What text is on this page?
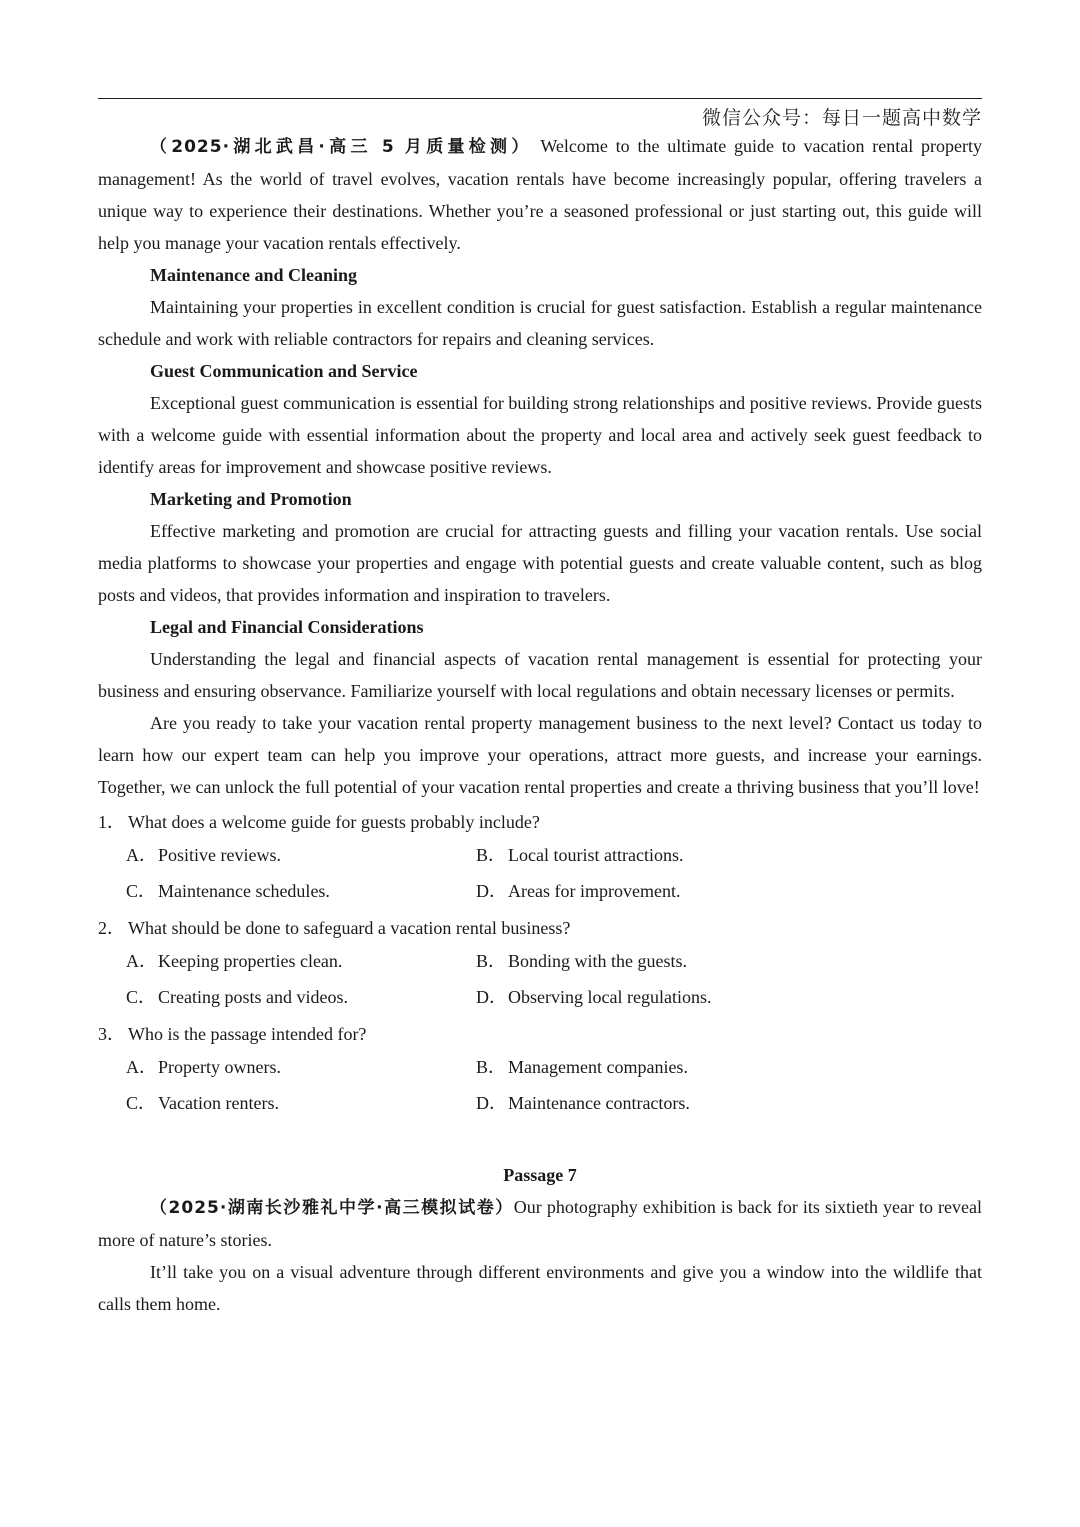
微信公众号：每日一题高中数学

（2025·湖北武昌·高三 5 月质量检测） Welcome to the ultimate guide to vacation rental property management! As the world of travel evolves, vacation rentals have become increasingly popular, offering travelers a unique way to experience their destinations. Whether you’re a seasoned professional or just starting out, this guide will help you manage your vacation rentals effectively.

Maintenance and Cleaning

Maintaining your properties in excellent condition is crucial for guest satisfaction. Establish a regular maintenance schedule and work with reliable contractors for repairs and cleaning services.

Guest Communication and Service

Exceptional guest communication is essential for building strong relationships and positive reviews. Provide guests with a welcome guide with essential information about the property and local area and actively seek guest feedback to identify areas for improvement and showcase positive reviews.

Marketing and Promotion

Effective marketing and promotion are crucial for attracting guests and filling your vacation rentals. Use social media platforms to showcase your properties and engage with potential guests and create valuable content, such as blog posts and videos, that provides information and inspiration to travelers.

Legal and Financial Considerations

Understanding the legal and financial aspects of vacation rental management is essential for protecting your business and ensuring observance. Familiarize yourself with local regulations and obtain necessary licenses or permits.

Are you ready to take your vacation rental property management business to the next level? Contact us today to learn how our expert team can help you improve your operations, attract more guests, and increase your earnings. Together, we can unlock the full potential of your vacation rental properties and create a thriving business that you’ll love!

1． What does a welcome guide for guests probably include?
A．Positive reviews.	B． Local tourist attractions.
C． Maintenance schedules.	D．Areas for improvement.
2． What should be done to safeguard a vacation rental business?
A．Keeping properties clean.	B． Bonding with the guests.
C． Creating posts and videos.	D．Observing local regulations.
3． Who is the passage intended for?
A．Property owners.	B． Management companies.
C． Vacation renters.	D．Maintenance contractors.

Passage 7

（2025·湖南长沙雅礼中学·高三模拟试卷）Our photography exhibition is back for its sixtieth year to reveal more of nature’s stories.

It’ll take you on a visual adventure through different environments and give you a window into the wildlife that calls them home.
